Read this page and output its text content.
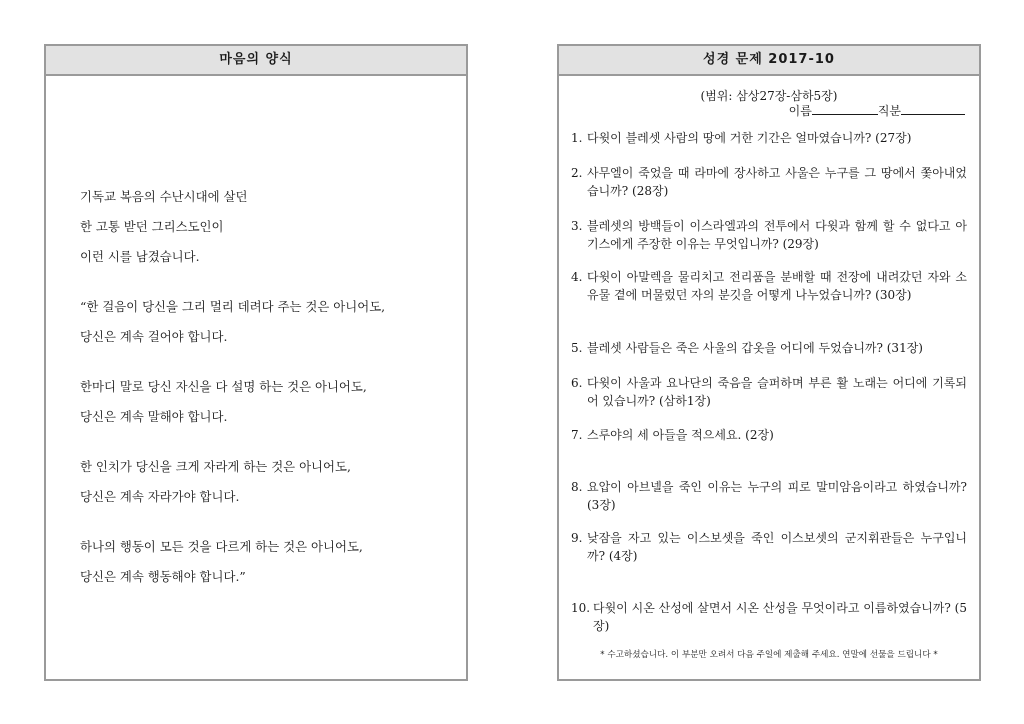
마음의 양식
기독교 복음의 수난시대에 살던
한 고통 받던 그리스도인이
이런 시를 남겼습니다.
“한 걸음이 당신을 그리 멀리 데려다 주는 것은 아니어도,
당신은 계속 걸어야 합니다.
한마디 말로 당신 자신을 다 설명 하는 것은 아니어도,
당신은 계속 말해야 합니다.
한 인치가 당신을 크게 자라게 하는 것은 아니어도,
당신은 계속 자라가야 합니다.
하나의 행동이 모든 것을 다르게 하는 것은 아니어도,
당신은 계속 행동해야 합니다.”
성경 문제 2017-10
(범위: 삼상27장-삼하5장)
이름	직분
1. 다윗이 블레셋 사람의 땅에 거한 기간은 얼마였습니까? (27장)
2. 사무엘이 죽었을 때 라마에 장사하고 사울은 누구를 그 땅에서 쫓아내었습니까? (28장)
3. 블레셋의 방백들이 이스라엘과의 전투에서 다윗과 함께 할 수 없다고 아기스에게 주장한 이유는 무엇입니까? (29장)
4. 다윗이 아말렉을 물리치고 전리품을 분배할 때 전장에 내려갔던 자와 소유물 곁에 머물렀던 자의 분깃을 어떻게 나누었습니까? (30장)
5. 블레셋 사람들은 죽은 사울의 갑옷을 어디에 두었습니까? (31장)
6. 다윗이 사울과 요나단의 죽음을 슬퍼하며 부른 활 노래는 어디에 기록되어 있습니까? (삼하1장)
7. 스루야의 세 아들을 적으세요. (2장)
8. 요압이 아브넬을 죽인 이유는 누구의 피로 말미암음이라고 하였습니까? (3장)
9. 낮잠을 자고 있는 이스보셋을 죽인 이스보셋의 군지휘관들은 누구입니까? (4장)
10. 다윗이 시온 산성에 살면서 시온 산성을 무엇이라고 이름하였습니까? (5장)
* 수고하셨습니다. 이 부분만 오려서 다음 주일에 제출해 주세요. 연말에 선물을 드립니다 *
